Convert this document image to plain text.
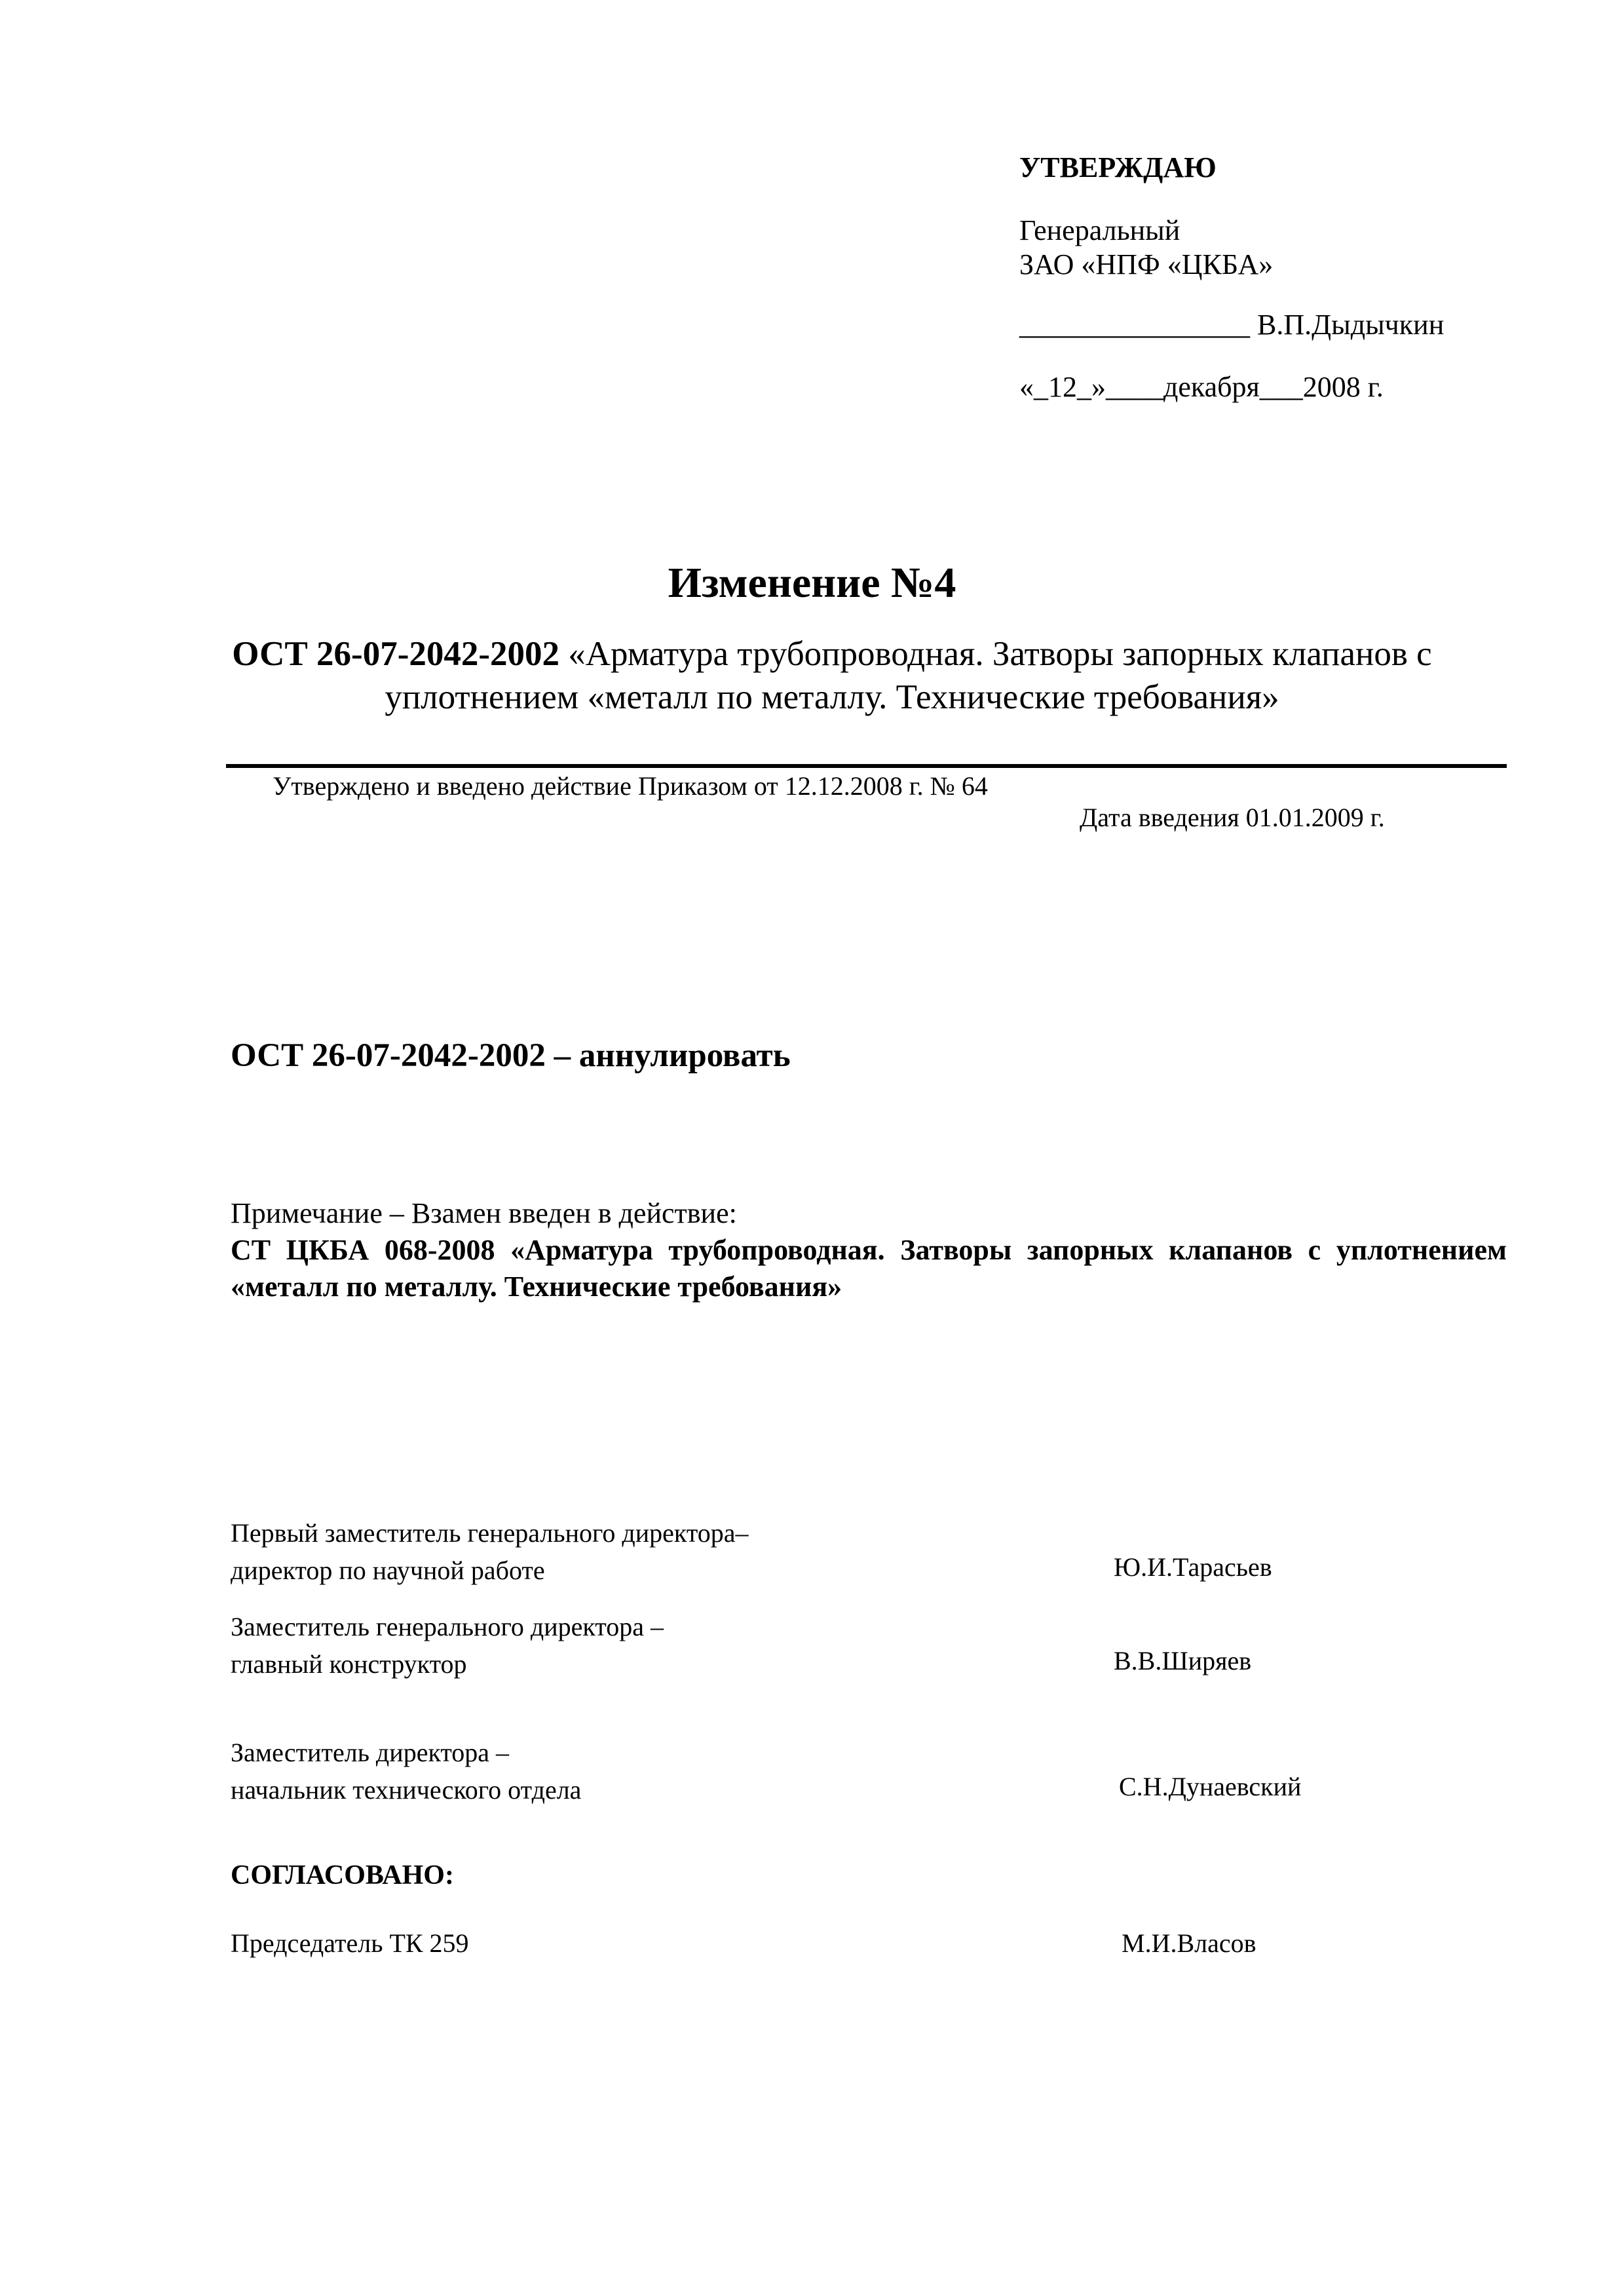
УТВЕРЖДАЮ
Генеральный
ЗАО «НПФ «ЦКБА»
________________ В.П.Дыдычкин
«_12_»____декабря___2008 г.
Изменение №4
ОСТ 26-07-2042-2002 «Арматура трубопроводная. Затворы запорных клапанов с уплотнением «металл по металлу. Технические требования»
Утверждено и введено действие Приказом от 12.12.2008 г. № 64
Дата введения 01.01.2009 г.
ОСТ 26-07-2042-2002 – аннулировать
Примечание – Взамен введен в действие:
СТ ЦКБА 068-2008 «Арматура трубопроводная. Затворы запорных клапанов с уплотнением «металл по металлу. Технические требования»
Первый заместитель генерального директора–
директор по научной работе	Ю.И.Тарасьев
Заместитель генерального директора –
главный конструктор	В.В.Ширяев
Заместитель директора –
начальник технического отдела	С.Н.Дунаевский
СОГЛАСОВАНО:
Председатель ТК 259	М.И.Власов
